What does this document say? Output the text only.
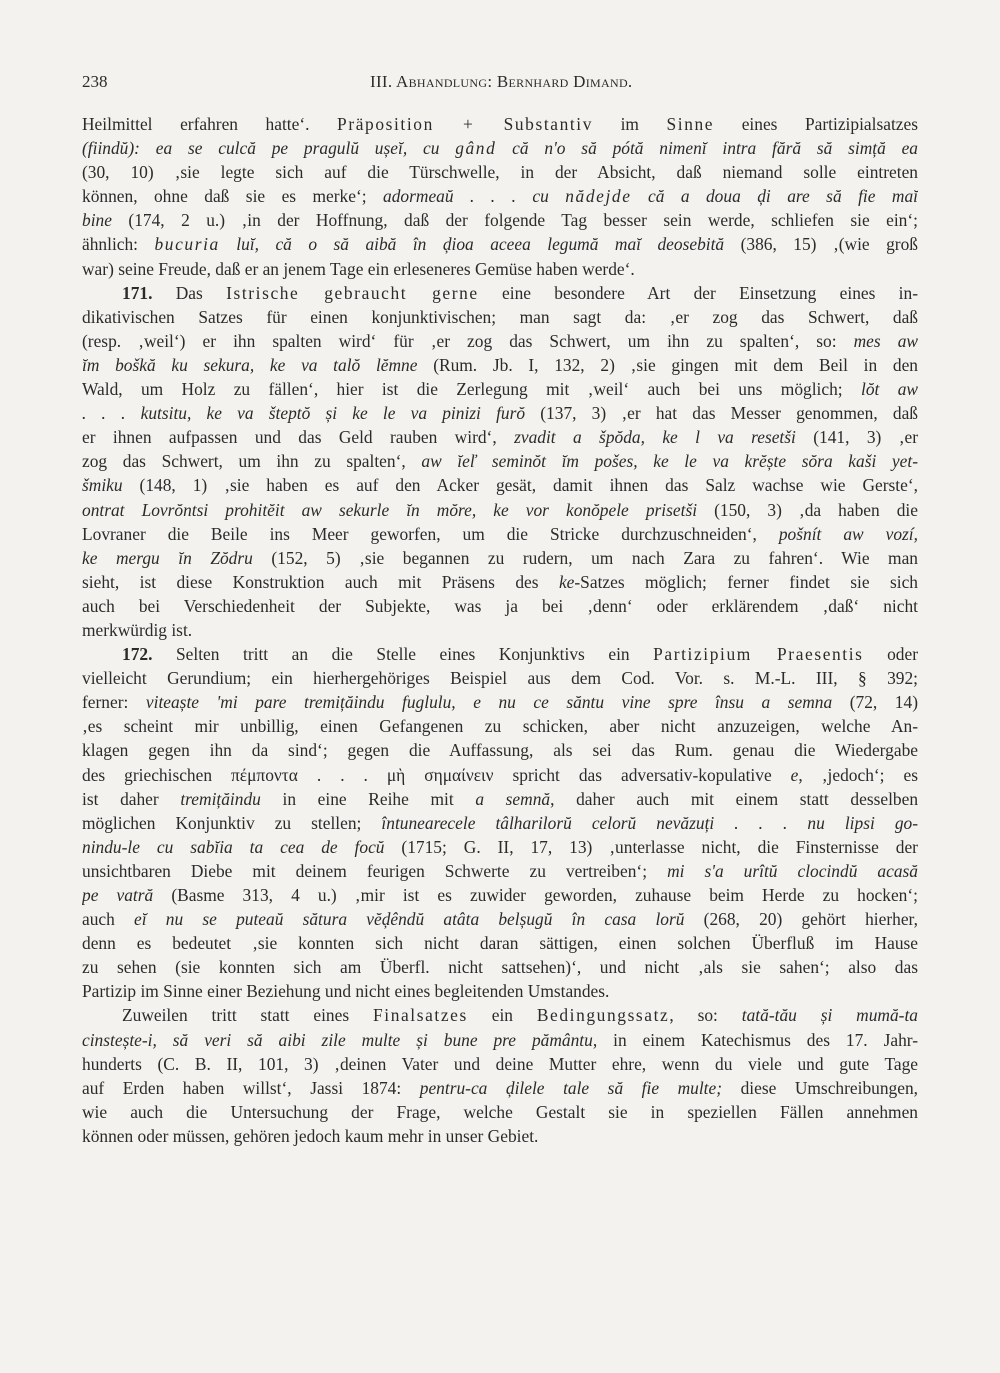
238	III. Abhandlung: Bernhard Dimand.
Heilmittel erfahren hatte‘. Präposition + Substantiv im Sinne eines Partizipialsatzes
(fiindŭ): ea se culcă pe pragulŭ ușeĭ, cu gând că n'o să pótă nimenĭ intra fără să simță ea
(30, 10) ‚sie legte sich auf die Türschwelle, in der Absicht, daß niemand solle eintreten
können, ohne daß sie es merke‘; adormeaŭ . . . cu nădejde că a doua ḑi are să fie maĭ
bine (174, 2 u.) ‚in der Hoffnung, daß der folgende Tag besser sein werde, schliefen sie ein‘;
ähnlich: bucuria luĭ, că o să aibă în ḑioa aceea legumă maĭ deosebită (386, 15) ‚(wie groß
war) seine Freude, daß er an jenem Tage ein erleseneres Gemüse haben werde‘.
171. Das Istrische gebraucht gerne eine besondere Art der Einsetzung eines in-
dikativischen Satzes für einen konjunktivischen; man sagt da: ‚er zog das Schwert, daß
(resp. ‚weil‘) er ihn spalten wird‘ für ‚er zog das Schwert, um ihn zu spalten‘, so: mes aw
ĭm boškă ku sekura, ke va talŏ lĕmne (Rum. Jb. I, 132, 2) ‚sie gingen mit dem Beil in den
Wald, um Holz zu fällen‘, hier ist die Zerlegung mit ‚weil‘ auch bei uns möglich; lŏt aw
. . . kutsitu, ke va šteptŏ și ke le va pinizi furŏ (137, 3) ‚er hat das Messer genommen, daß
er ihnen aufpassen und das Geld rauben wird‘, zvadit a špŏda, ke l va resetši (141, 3) ‚er
zog das Schwert, um ihn zu spalten‘, aw ĭeľ seminŏt ĭm pošes, ke le va krĕște sŏra kaši yet-
šmiku (148, 1) ‚sie haben es auf den Acker gesät, damit ihnen das Salz wachse wie Gerste‘,
ontrat Lovrŏntsi prohitĕit aw sekurle ĭn mŏre, ke vor konŏpele prisetši (150, 3) ‚da haben die
Lovraner die Beile ins Meer geworfen, um die Stricke durchzuschneiden‘, pošnít aw vozí,
ke mergu ĭn Zŏdru (152, 5) ‚sie begannen zu rudern, um nach Zara zu fahren‘. Wie man
sieht, ist diese Konstruktion auch mit Präsens des ke-Satzes möglich; ferner findet sie sich
auch bei Verschiedenheit der Subjekte, was ja bei ‚denn‘ oder erklärendem ‚daß‘ nicht
merkwürdig ist.
172. Selten tritt an die Stelle eines Konjunktivs ein Partizipium Praesentis oder
vielleicht Gerundium; ein hierhergehöriges Beispiel aus dem Cod. Vor. s. M.-L. III, § 392;
ferner: viteaște 'mi pare tremițăindu fuglulu, e nu ce săntu vine spre însu a semna (72, 14)
‚es scheint mir unbillig, einen Gefangenen zu schicken, aber nicht anzuzeigen, welche An-
klagen gegen ihn da sind‘; gegen die Auffassung, als sei das Rum. genau die Wiedergabe
des griechischen πέμποντα . . . μὴ σημαίνειν spricht das adversativ-kopulative e, ‚jedoch‘; es
ist daher tremițăindu in eine Reihe mit a semnă, daher auch mit einem statt desselben
möglichen Konjunktiv zu stellen; întunearecele tâlharilorŭ celorŭ nevăzuți . . . nu lipsi go-
nindu-le cu sabĭia ta cea de focŭ (1715; G. II, 17, 13) ‚unterlasse nicht, die Finsternisse der
unsichtbaren Diebe mit deinem feurigen Schwerte zu vertreiben‘; mi s'a urîtŭ clocindŭ acasă
pe vatră (Basme 313, 4 u.) ‚mir ist es zuwider geworden, zuhause beim Herde zu hocken‘;
auch eĭ nu se puteaŭ sătura vĕḑêndŭ atâta belșugŭ în casa lorŭ (268, 20) gehört hierher,
denn es bedeutet ‚sie konnten sich nicht daran sättigen, einen solchen Überfluß im Hause
zu sehen (sie konnten sich am Überfl. nicht sattsehen)‘, und nicht ‚als sie sahen‘; also das
Partizip im Sinne einer Beziehung und nicht eines begleitenden Umstandes.
Zuweilen tritt statt eines Finalsatzes ein Bedingungssatz, so: tată-tău și mumă-ta
cinstește-i, să veri să aibi zile multe și bune pre pământu, in einem Katechismus des 17. Jahr-
hunderts (C. B. II, 101, 3) ‚deinen Vater und deine Mutter ehre, wenn du viele und gute Tage
auf Erden haben willst‘, Jassi 1874: pentru-ca ḑilele tale să fie multe; diese Umschreibungen,
wie auch die Untersuchung der Frage, welche Gestalt sie in speziellen Fällen annehmen
können oder müssen, gehören jedoch kaum mehr in unser Gebiet.
